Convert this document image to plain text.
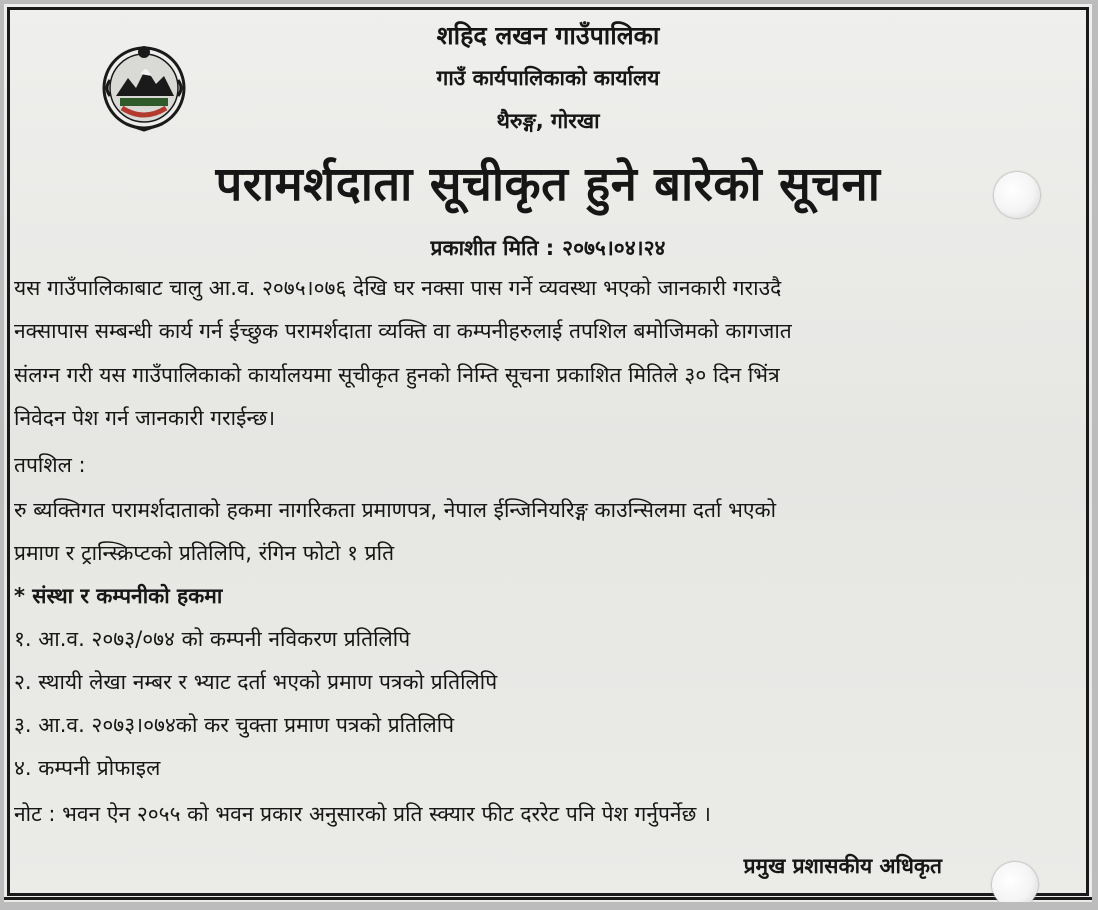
शहिद लखन गाउँपालिका
गाउँ कार्यपालिकाको कार्यालय
थैरुङ्ग, गोरखा
परामर्शदाता सूचीकृत हुने बारेको सूचना
प्रकाशीत मिति : २०७५।०४।२४
यस गाउँपालिकाबाट चालु आ.व. २०७५।०७६ देखि घर नक्सा पास गर्ने व्यवस्था भएको जानकारी गराउदै
नक्सापास सम्बन्धी कार्य गर्न ईच्छुक परामर्शदाता व्यक्ति वा कम्पनीहरुलाई तपशिल बमोजिमको कागजात
संलग्न गरी यस गाउँपालिकाको कार्यालयमा सूचीकृत हुनको निम्ति सूचना प्रकाशित मितिले ३० दिन भिंत्र
निवेदन पेश गर्न जानकारी गराईन्छ।
तपशिल :
रु ब्यक्तिगत परामर्शदाताको हकमा नागरिकता प्रमाणपत्र, नेपाल ईन्जिनियरिङ्ग काउन्सिलमा दर्ता भएको
प्रमाण र ट्रान्स्क्रिप्टको प्रतिलिपि, रंगिन फोटो १ प्रति
* संस्था र कम्पनीको हकमा
१. आ.व. २०७३/०७४ को कम्पनी नविकरण प्रतिलिपि
२. स्थायी लेखा नम्बर र भ्याट दर्ता भएको प्रमाण पत्रको प्रतिलिपि
३. आ.व. २०७३।०७४को कर चुक्ता प्रमाण पत्रको प्रतिलिपि
४. कम्पनी प्रोफाइल
नोट : भवन ऐन २०५५ को भवन प्रकार अनुसारको प्रति स्क्यार फीट दररेट पनि पेश गर्नुपर्नेछ ।
प्रमुख प्रशासकीय अधिकृत
